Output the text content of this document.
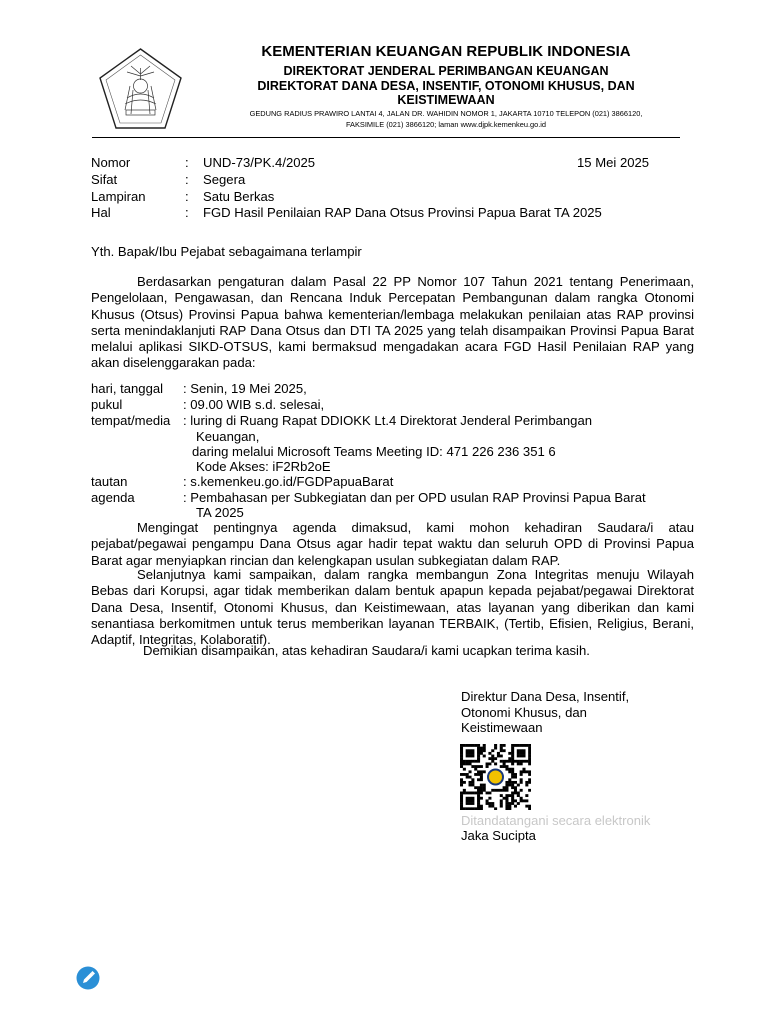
KEMENTERIAN KEUANGAN REPUBLIK INDONESIA
DIREKTORAT JENDERAL PERIMBANGAN KEUANGAN
DIREKTORAT DANA DESA, INSENTIF, OTONOMI KHUSUS, DAN
KEISTIMEWAAN
GEDUNG RADIUS PRAWIRO LANTAI 4, JALAN DR. WAHIDIN NOMOR 1, JAKARTA 10710 TELEPON (021) 3866120,
FAKSIMILE (021) 3866120; laman www.djpk.kemenkeu.go.id
Nomor	: UND-73/PK.4/2025	15 Mei 2025
Sifat	: Segera
Lampiran	: Satu Berkas
Hal	: FGD Hasil Penilaian RAP Dana Otsus Provinsi Papua Barat TA 2025
Yth. Bapak/Ibu Pejabat sebagaimana terlampir
Berdasarkan pengaturan dalam Pasal 22 PP Nomor 107 Tahun 2021 tentang Penerimaan, Pengelolaan, Pengawasan, dan Rencana Induk Percepatan Pembangunan dalam rangka Otonomi Khusus (Otsus) Provinsi Papua bahwa kementerian/lembaga melakukan penilaian atas RAP provinsi serta menindaklanjuti RAP Dana Otsus dan DTI TA 2025 yang telah disampaikan Provinsi Papua Barat melalui aplikasi SIKD-OTSUS, kami bermaksud mengadakan acara FGD Hasil Penilaian RAP yang akan diselenggarakan pada:
hari, tanggal : Senin, 19 Mei 2025,
pukul	: 09.00 WIB s.d. selesai,
tempat/media : luring di Ruang Rapat DDIOKK Lt.4 Direktorat Jenderal Perimbangan
Keuangan,
daring melalui Microsoft Teams Meeting ID: 471 226 236 351 6
Kode Akses: iF2Rb2oE
tautan	: s.kemenkeu.go.id/FGDPapuaBarat
agenda	: Pembahasan per Subkegiatan dan per OPD usulan RAP Provinsi Papua Barat
TA 2025
Mengingat pentingnya agenda dimaksud, kami mohon kehadiran Saudara/i atau pejabat/pegawai pengampu Dana Otsus agar hadir tepat waktu dan seluruh OPD di Provinsi Papua Barat agar menyiapkan rincian dan kelengkapan usulan subkegiatan dalam RAP.
Selanjutnya kami sampaikan, dalam rangka membangun Zona Integritas menuju Wilayah Bebas dari Korupsi, agar tidak memberikan dalam bentuk apapun kepada pejabat/pegawai Direktorat Dana Desa, Insentif, Otonomi Khusus, dan Keistimewaan, atas layanan yang diberikan dan kami senantiasa berkomitmen untuk terus memberikan layanan TERBAIK, (Tertib, Efisien, Religius, Berani, Adaptif, Integritas, Kolaboratif).
Demikian disampaikan, atas kehadiran Saudara/i kami ucapkan terima kasih.
Direktur Dana Desa, Insentif,
Otonomi Khusus, dan
Keistimewaan
Ditandatangani secara elektronik
Jaka Sucipta
